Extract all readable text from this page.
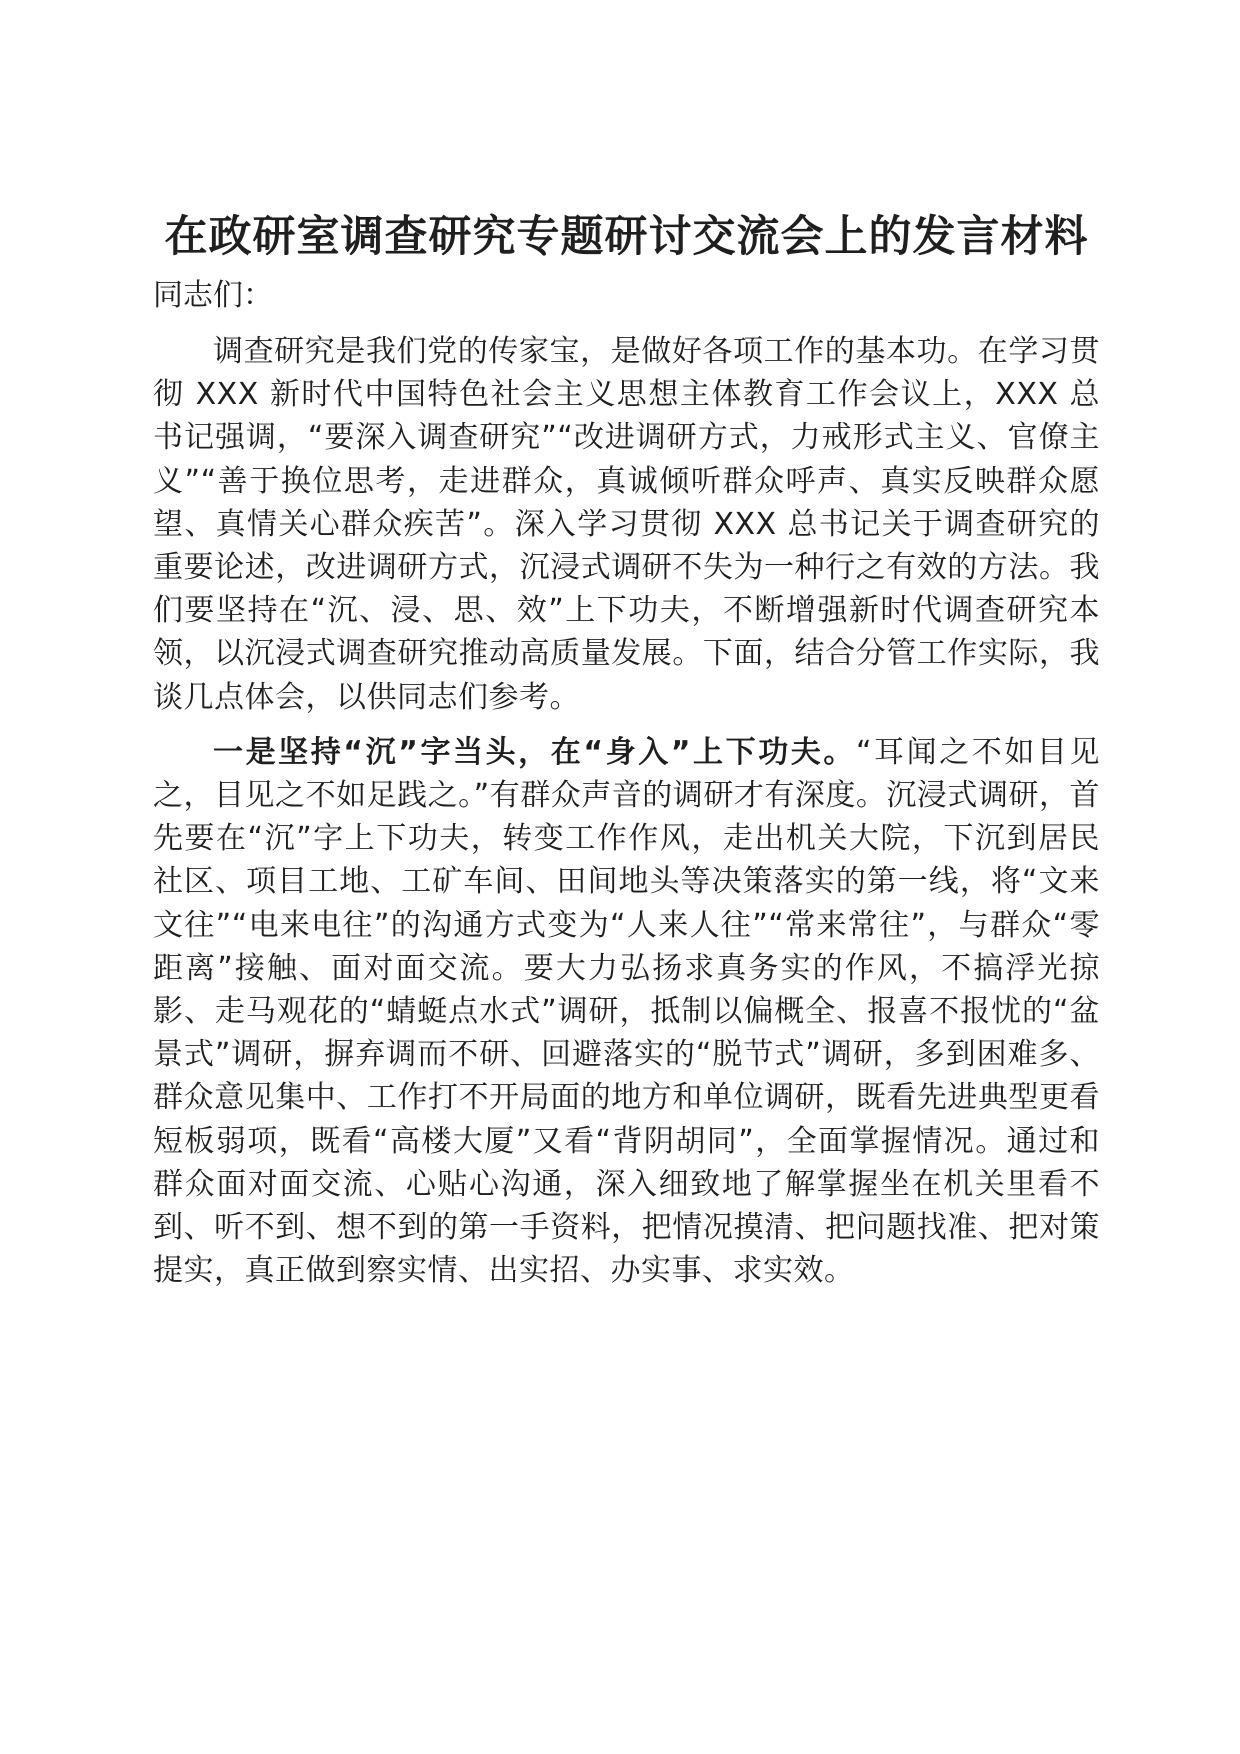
在政研室调查研究专题研讨交流会上的发言材料

同志们：

调查研究是我们党的传家宝，是做好各项工作的基本功。在学习贯彻 XXX 新时代中国特色社会主义思想主体教育工作会议上，XXX 总书记强调，“要深入调查研究”“改进调研方式，力戒形式主义、官僚主义”“善于换位思考，走进群众，真诚倾听群众呼声、真实反映群众愿望、真情关心群众疾苦”。深入学习贯彻 XXX 总书记关于调查研究的重要论述，改进调研方式，沉浸式调研不失为一种行之有效的方法。我们要坚持在“沉、浸、思、效”上下功夫，不断增强新时代调查研究本领，以沉浸式调查研究推动高质量发展。下面，结合分管工作实际，我谈几点体会，以供同志们参考。

一是坚持“沉”字当头，在“身入”上下功夫。“耳闻之不如目见之，目见之不如足践之。”有群众声音的调研才有深度。沉浸式调研，首先要在“沉”字上下功夫，转变工作作风，走出机关大院，下沉到居民社区、项目工地、工矿车间、田间地头等决策落实的第一线，将“文来文往”“电来电往”的沟通方式变为“人来人往”“常来常往”，与群众“零距离”接触、面对面交流。要大力弘扬求真务实的作风，不搞浮光掠影、走马观花的“蜻蜓点水式”调研，抵制以偏概全、报喜不报忧的“盆景式”调研，摒弃调而不研、回避落实的“脱节式”调研，多到困难多、群众意见集中、工作打不开局面的地方和单位调研，既看先进典型更看短板弱项，既看“高楼大厦”又看“背阴胡同”，全面掌握情况。通过和群众面对面交流、心贴心沟通，深入细致地了解掌握坐在机关里看不到、听不到、想不到的第一手资料，把情况摸清、把问题找准、把对策提实，真正做到察实情、出实招、办实事、求实效。
